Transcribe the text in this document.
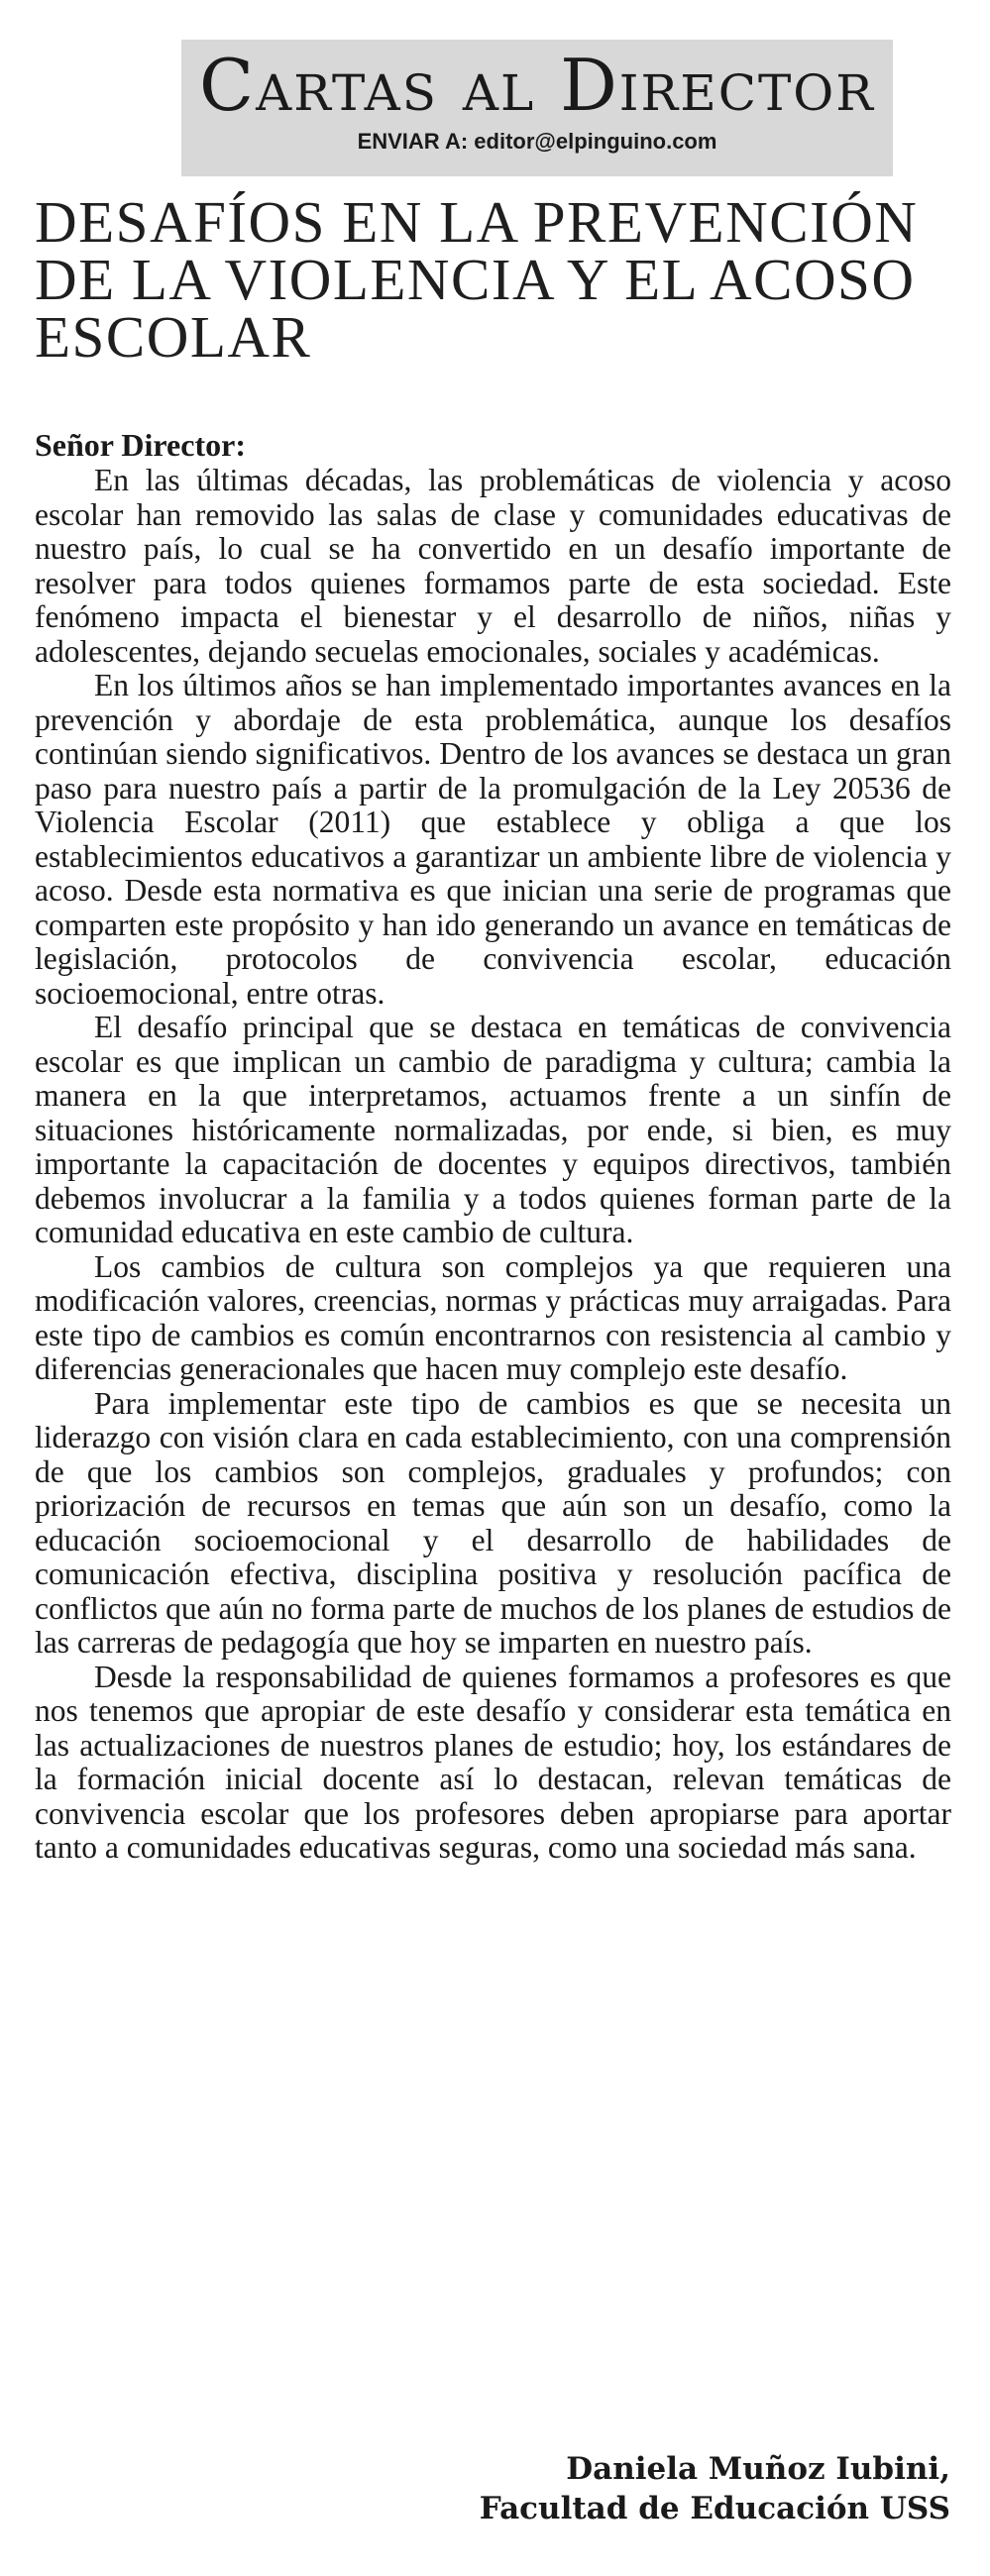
Cartas al Director
ENVIAR A: editor@elpinguino.com
DESAFÍOS EN LA PREVENCIÓN DE LA VIOLENCIA Y EL ACOSO ESCOLAR
Señor Director:

En las últimas décadas, las problemáticas de violencia y acoso escolar han removido las salas de clase y comunidades educativas de nuestro país, lo cual se ha convertido en un desafío importante de resolver para todos quienes formamos parte de esta sociedad. Este fenómeno impacta el bienestar y el desarrollo de niños, niñas y adolescentes, dejando secuelas emocionales, sociales y académicas.

En los últimos años se han implementado importantes avances en la prevención y abordaje de esta problemática, aunque los desafíos continúan siendo significativos. Dentro de los avances se destaca un gran paso para nuestro país a partir de la promulgación de la Ley 20536 de Violencia Escolar (2011) que establece y obliga a que los establecimientos educativos a garantizar un ambiente libre de violencia y acoso. Desde esta normativa es que inician una serie de programas que comparten este propósito y han ido generando un avance en temáticas de legislación, protocolos de convivencia escolar, educación socioemocional, entre otras.

El desafío principal que se destaca en temáticas de convivencia escolar es que implican un cambio de paradigma y cultura; cambia la manera en la que interpretamos, actuamos frente a un sinfín de situaciones históricamente normalizadas, por ende, si bien, es muy importante la capacitación de docentes y equipos directivos, también debemos involucrar a la familia y a todos quienes forman parte de la comunidad educativa en este cambio de cultura.

Los cambios de cultura son complejos ya que requieren una modificación valores, creencias, normas y prácticas muy arraigadas. Para este tipo de cambios es común encontrarnos con resistencia al cambio y diferencias generacionales que hacen muy complejo este desafío.

Para implementar este tipo de cambios es que se necesita un liderazgo con visión clara en cada establecimiento, con una comprensión de que los cambios son complejos, graduales y profundos; con priorización de recursos en temas que aún son un desafío, como la educación socioemocional y el desarrollo de habilidades de comunicación efectiva, disciplina positiva y resolución pacífica de conflictos que aún no forma parte de muchos de los planes de estudios de las carreras de pedagogía que hoy se imparten en nuestro país.

Desde la responsabilidad de quienes formamos a profesores es que nos tenemos que apropiar de este desafío y considerar esta temática en las actualizaciones de nuestros planes de estudio; hoy, los estándares de la formación inicial docente así lo destacan, relevan temáticas de convivencia escolar que los profesores deben apropiarse para aportar tanto a comunidades educativas seguras, como una sociedad más sana.

Daniela Muñoz Iubini,
Facultad de Educación USS
